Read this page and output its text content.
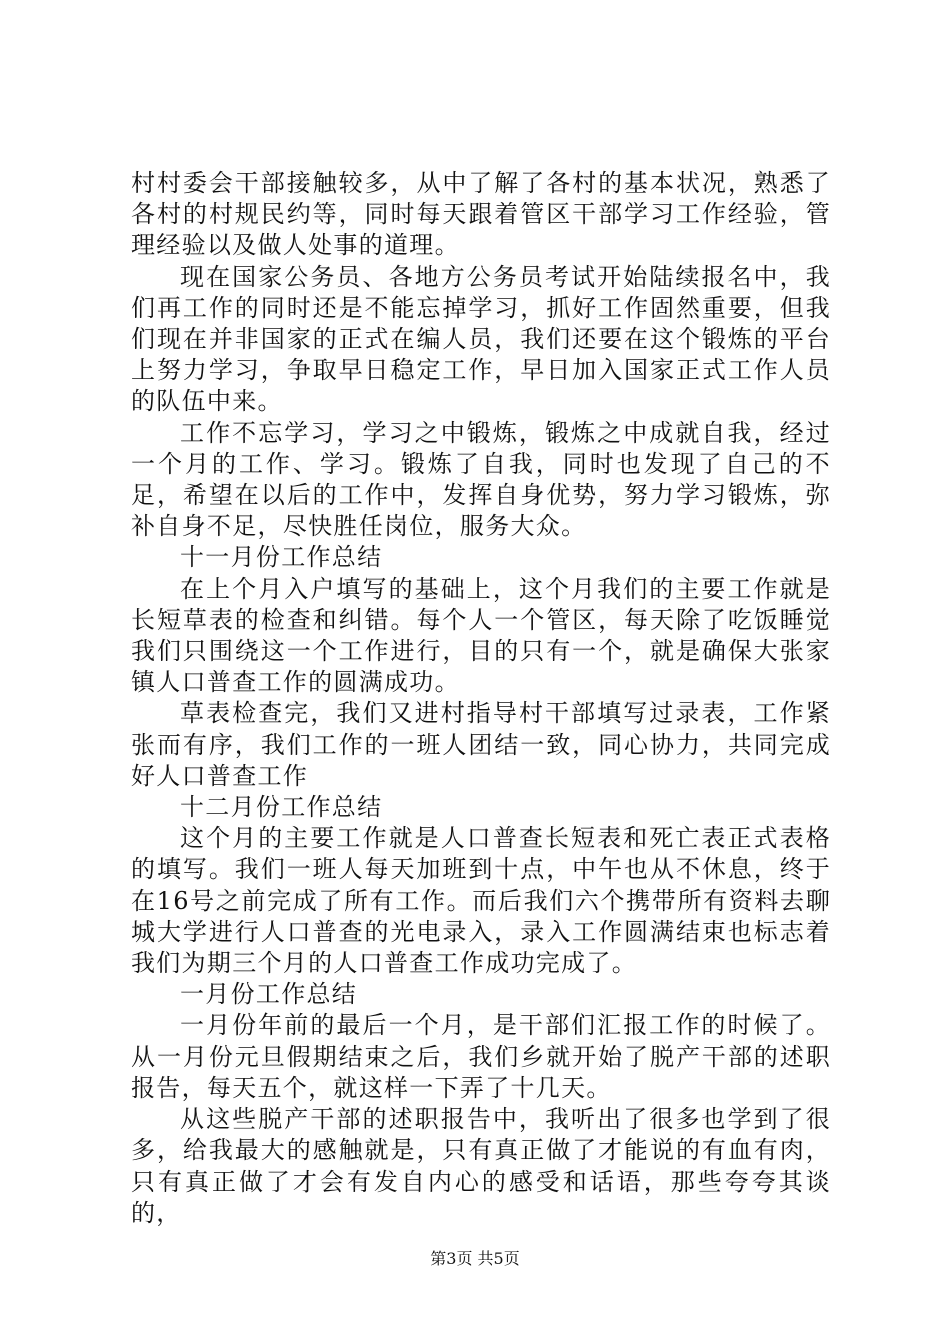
村村委会干部接触较多，从中了解了各村的基本状况，熟悉了各村的村规民约等，同时每天跟着管区干部学习工作经验，管理经验以及做人处事的道理。

现在国家公务员、各地方公务员考试开始陆续报名中，我们再工作的同时还是不能忘掉学习，抓好工作固然重要，但我们现在并非国家的正式在编人员，我们还要在这个锻炼的平台上努力学习，争取早日稳定工作，早日加入国家正式工作人员的队伍中来。

工作不忘学习，学习之中锻炼，锻炼之中成就自我，经过一个月的工作、学习。锻炼了自我，同时也发现了自己的不足，希望在以后的工作中，发挥自身优势，努力学习锻炼，弥补自身不足，尽快胜任岗位，服务大众。

十一月份工作总结

在上个月入户填写的基础上，这个月我们的主要工作就是长短草表的检查和纠错。每个人一个管区，每天除了吃饭睡觉我们只围绕这一个工作进行，目的只有一个，就是确保大张家镇人口普查工作的圆满成功。

草表检查完，我们又进村指导村干部填写过录表，工作紧张而有序，我们工作的一班人团结一致，同心协力，共同完成好人口普查工作

十二月份工作总结

这个月的主要工作就是人口普查长短表和死亡表正式表格的填写。我们一班人每天加班到十点，中午也从不休息，终于在16号之前完成了所有工作。而后我们六个携带所有资料去聊城大学进行人口普查的光电录入，录入工作圆满结束也标志着我们为期三个月的人口普查工作成功完成了。

一月份工作总结

一月份年前的最后一个月，是干部们汇报工作的时候了。从一月份元旦假期结束之后，我们乡就开始了脱产干部的述职报告，每天五个，就这样一下弄了十几天。

从这些脱产干部的述职报告中，我听出了很多也学到了很多，给我最大的感触就是，只有真正做了才能说的有血有肉，只有真正做了才会有发自内心的感受和话语，那些夸夸其谈的，

第3页 共5页
